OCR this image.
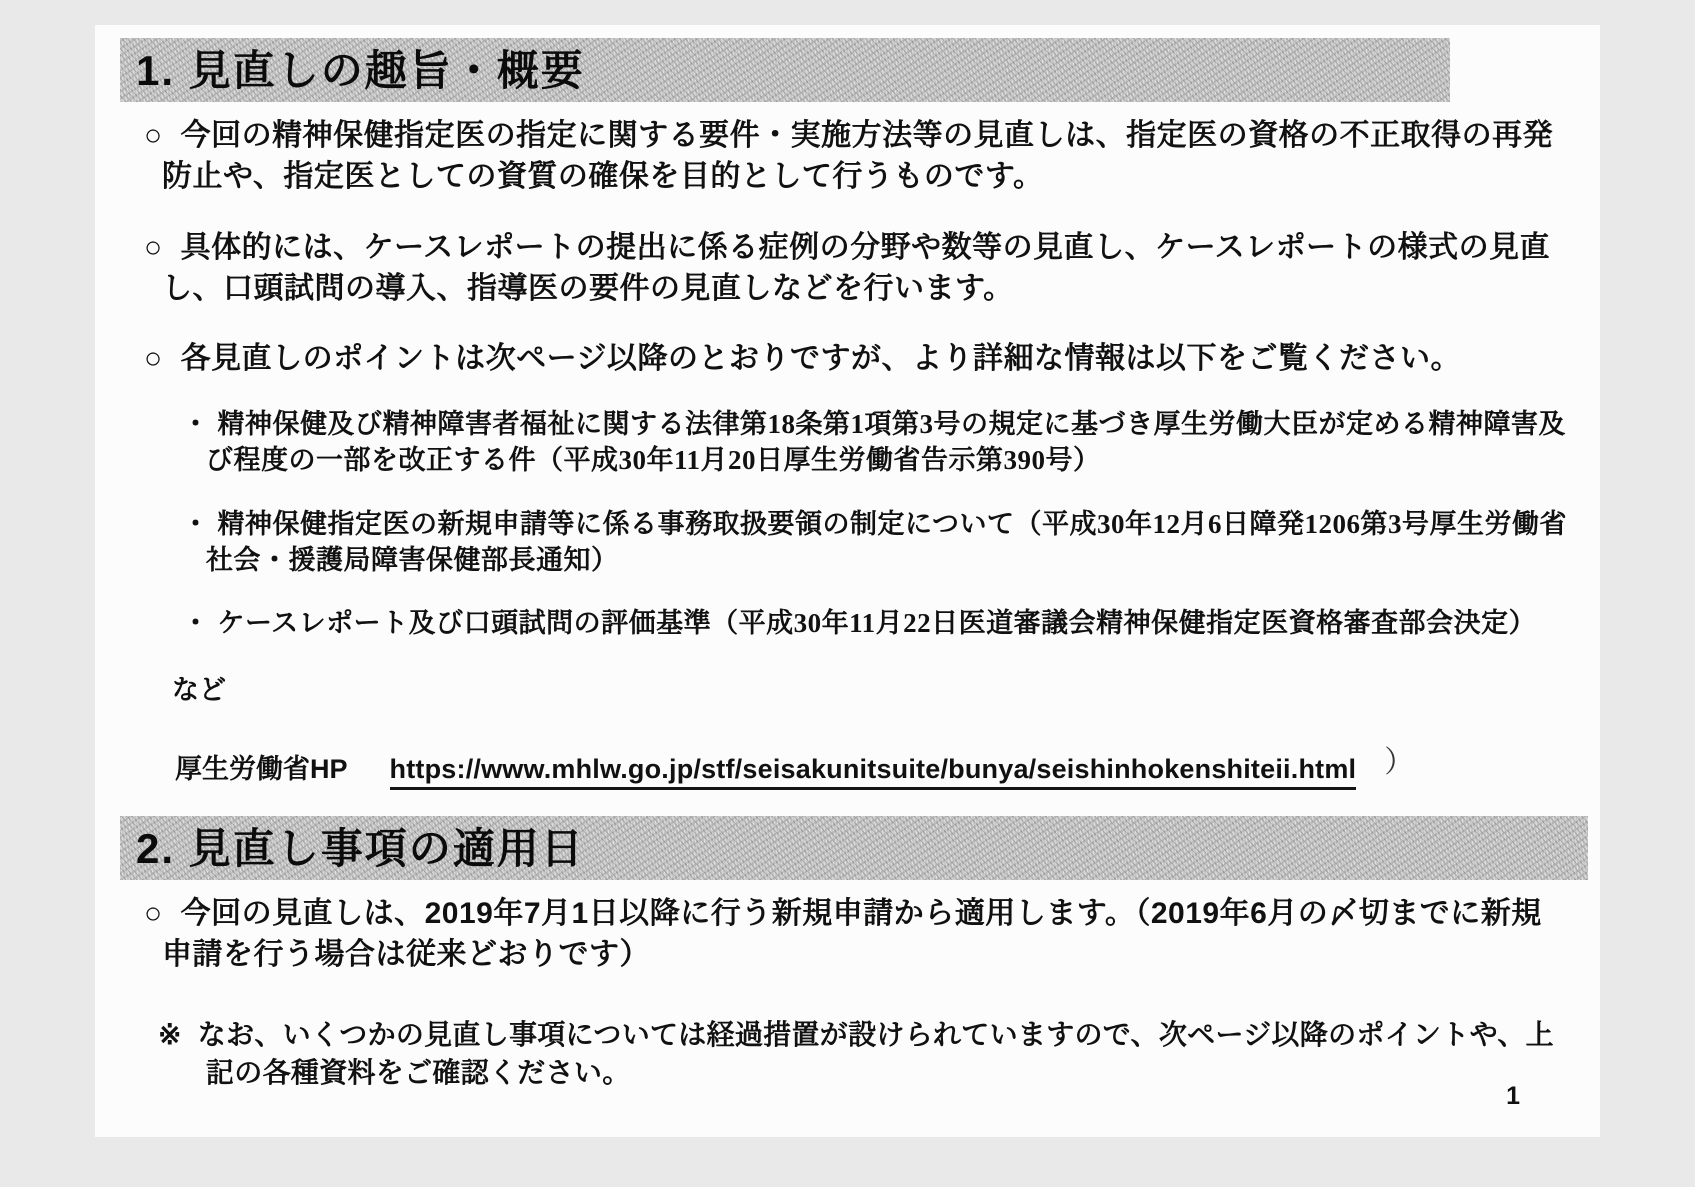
1. 見直しの趣旨・概要

○ 今回の精神保健指定医の指定に関する要件・実施方法等の見直しは、指定医の資格の不正取得の再発防止や、指定医としての資質の確保を目的として行うものです。

○ 具体的には、ケースレポートの提出に係る症例の分野や数等の見直し、ケースレポートの様式の見直し、口頭試問の導入、指導医の要件の見直しなどを行います。

○ 各見直しのポイントは次ページ以降のとおりですが、より詳細な情報は以下をご覧ください。

・ 精神保健及び精神障害者福祉に関する法律第18条第1項第3号の規定に基づき厚生労働大臣が定める精神障害及び程度の一部を改正する件（平成30年11月20日厚生労働省告示第390号）

・ 精神保健指定医の新規申請等に係る事務取扱要領の制定について（平成30年12月6日障発1206第3号厚生労働省社会・援護局障害保健部長通知）

・ ケースレポート及び口頭試問の評価基準（平成30年11月22日医道審議会精神保健指定医資格審査部会決定）

など

厚生労働省HP https://www.mhlw.go.jp/stf/seisakunitsuite/bunya/seishinhokenshiteii.html ）
2. 見直し事項の適用日

○ 今回の見直しは、2019年7月1日以降に行う新規申請から適用します。（2019年6月の〆切までに新規申請を行う場合は従来どおりです）

※ なお、いくつかの見直し事項については経過措置が設けられていますので、次ページ以降のポイントや、上記の各種資料をご確認ください。

1
